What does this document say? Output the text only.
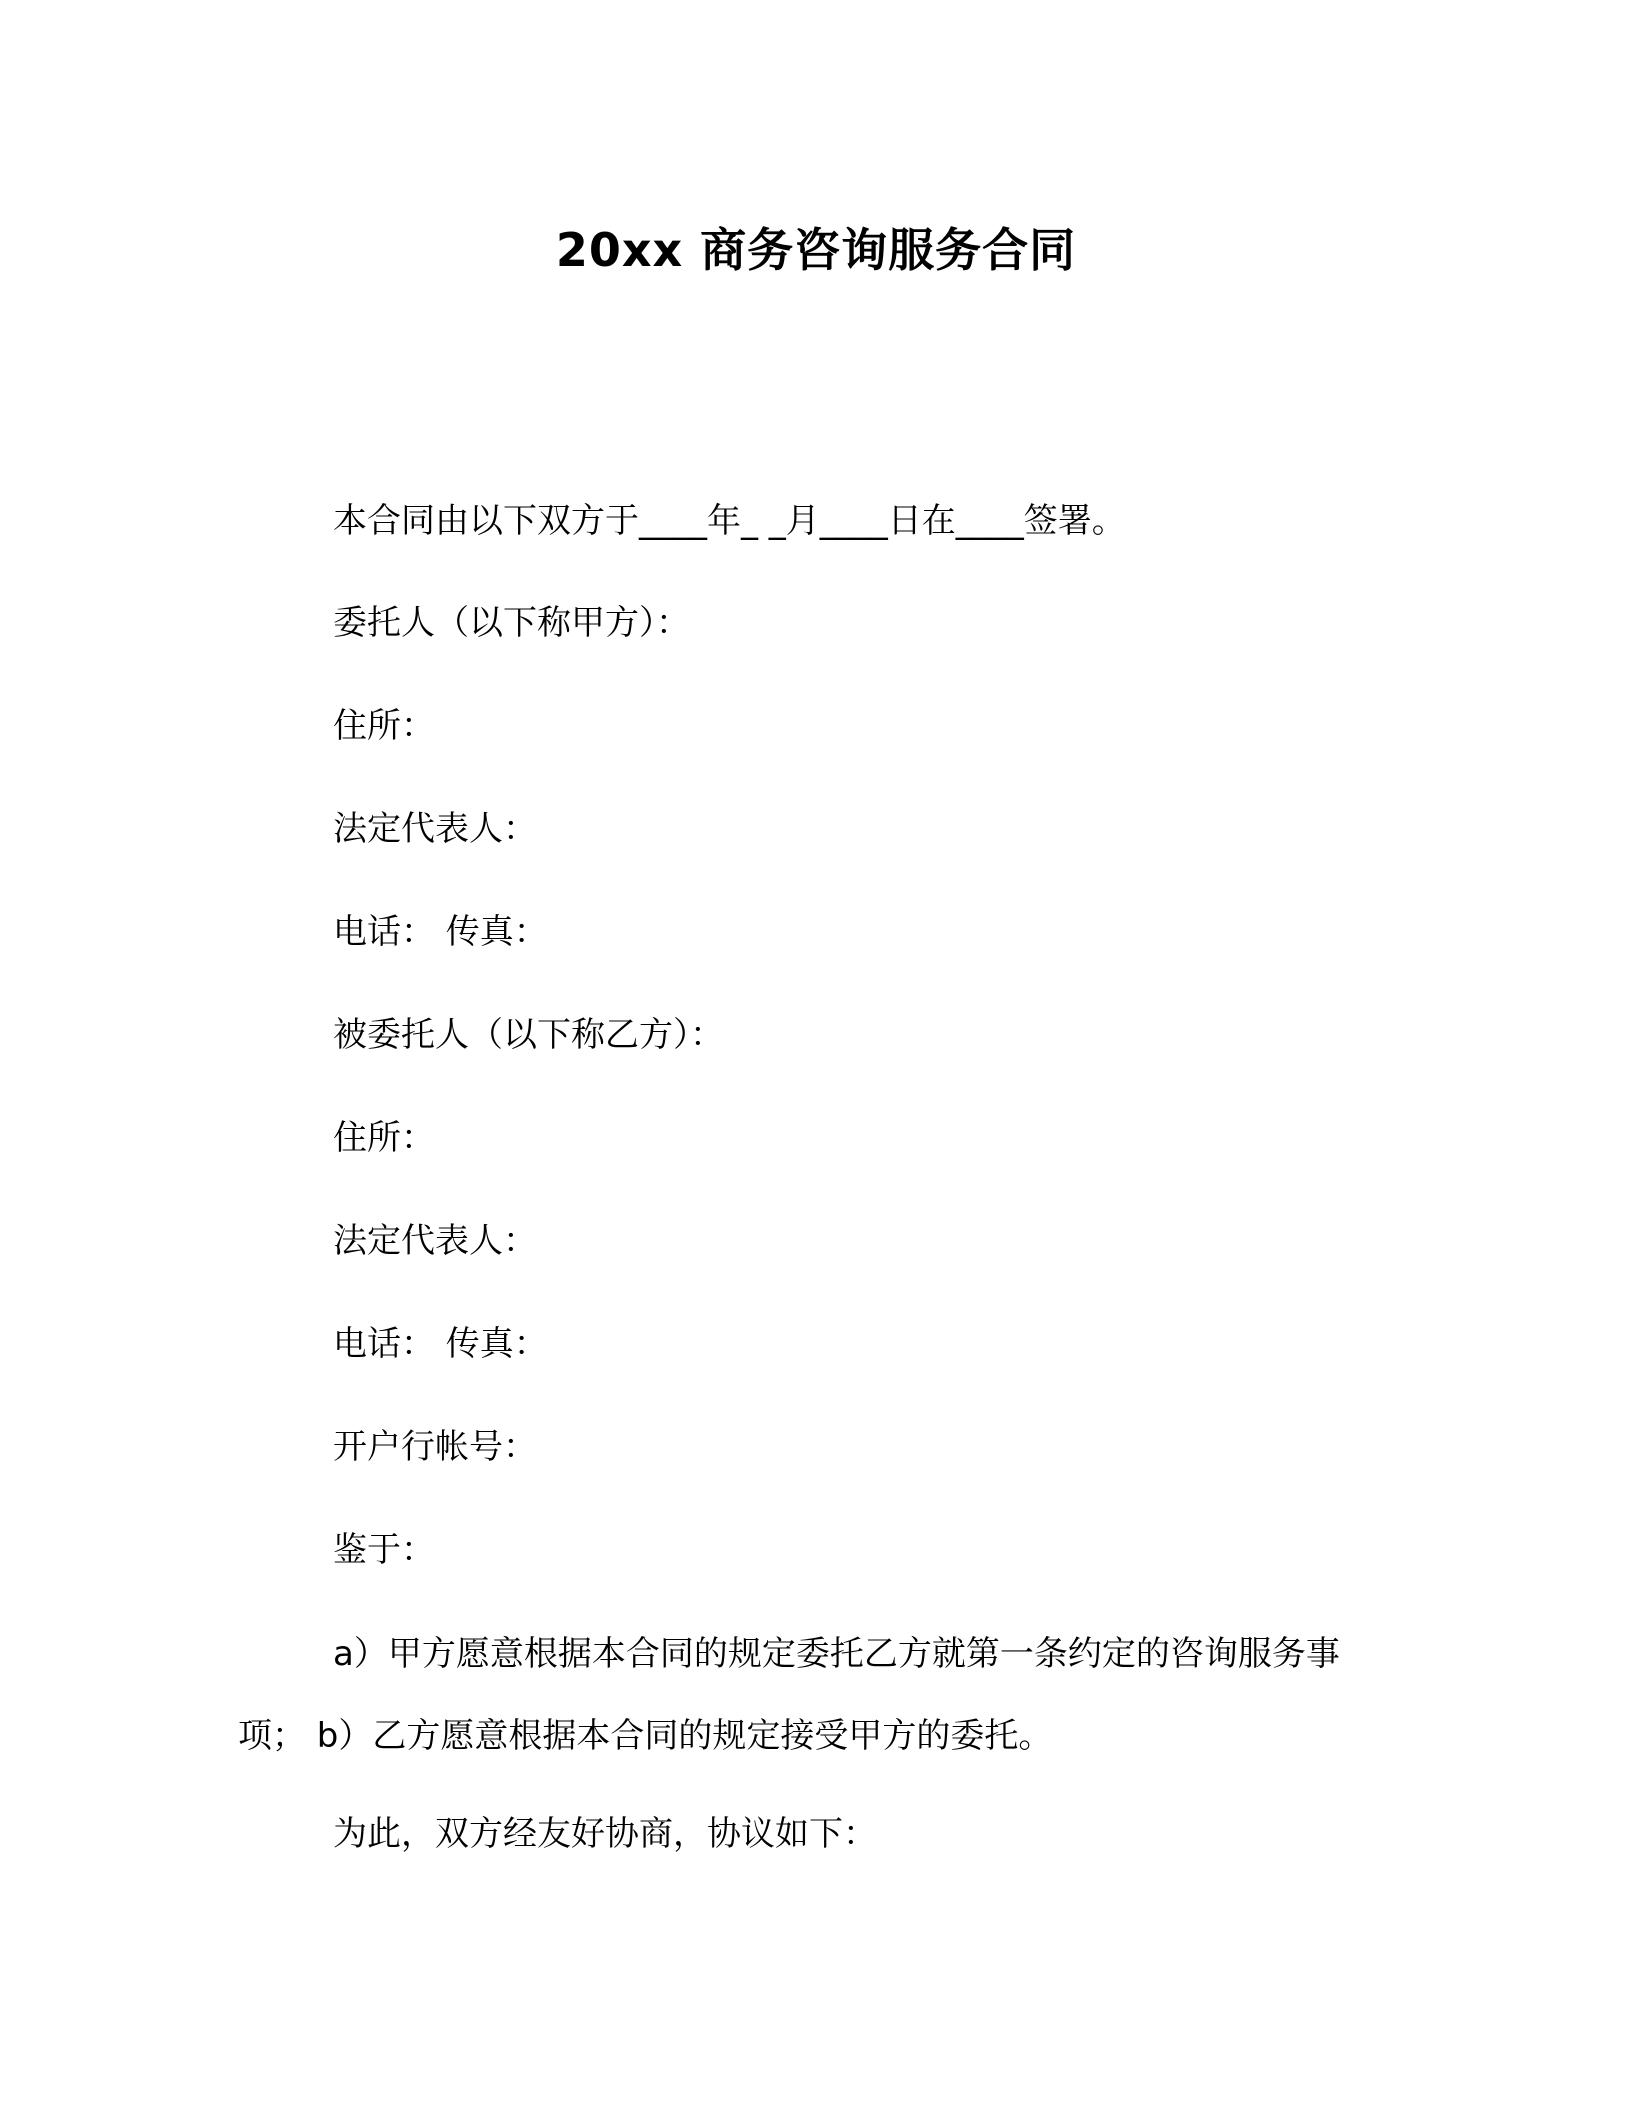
20xx 商务咨询服务合同
本合同由以下双方于____年_ _月____日在____签署。
委托人（以下称甲方）：
住所：
法定代表人：
电话： 传真：
被委托人（以下称乙方）：
住所：
法定代表人：
电话： 传真：
开户行帐号：
鉴于：
a）甲方愿意根据本合同的规定委托乙方就第一条约定的咨询服务事项； b）乙方愿意根据本合同的规定接受甲方的委托。
为此，双方经友好协商，协议如下：
